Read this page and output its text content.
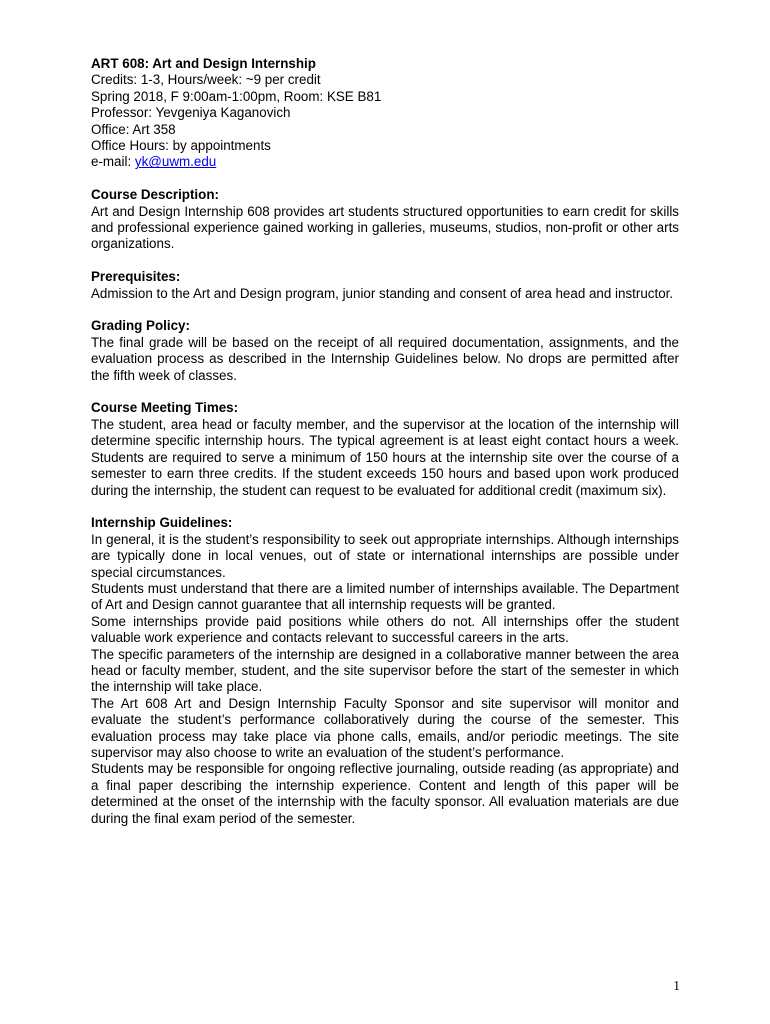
ART 608: Art and Design Internship
Credits: 1-3, Hours/week: ~9 per credit
Spring 2018, F 9:00am-1:00pm, Room: KSE B81
Professor: Yevgeniya Kaganovich
Office: Art 358
Office Hours: by appointments
e-mail: yk@uwm.edu
Course Description:

Art and Design Internship 608 provides art students structured opportunities to earn credit for skills and professional experience gained working in galleries, museums, studios, non-profit or other arts organizations.

Prerequisites:

Admission to the Art and Design program, junior standing and consent of area head and instructor.

Grading Policy:

The final grade will be based on the receipt of all required documentation, assignments, and the evaluation process as described in the Internship Guidelines below. No drops are permitted after the fifth week of classes.

Course Meeting Times:

The student, area head or faculty member, and the supervisor at the location of the internship will determine specific internship hours. The typical agreement is at least eight contact hours a week. Students are required to serve a minimum of 150 hours at the internship site over the course of a semester to earn three credits. If the student exceeds 150 hours and based upon work produced during the internship, the student can request to be evaluated for additional credit (maximum six).

Internship Guidelines:

In general, it is the student’s responsibility to seek out appropriate internships. Although internships are typically done in local venues, out of state or international internships are possible under special circumstances.

Students must understand that there are a limited number of internships available. The Department of Art and Design cannot guarantee that all internship requests will be granted.

Some internships provide paid positions while others do not. All internships offer the student valuable work experience and contacts relevant to successful careers in the arts.

The specific parameters of the internship are designed in a collaborative manner between the area head or faculty member, student, and the site supervisor before the start of the semester in which the internship will take place.

The Art 608 Art and Design Internship Faculty Sponsor and site supervisor will monitor and evaluate the student’s performance collaboratively during the course of the semester. This evaluation process may take place via phone calls, emails, and/or periodic meetings. The site supervisor may also choose to write an evaluation of the student’s performance.

Students may be responsible for ongoing reflective journaling, outside reading (as appropriate) and a final paper describing the internship experience. Content and length of this paper will be determined at the onset of the internship with the faculty sponsor. All evaluation materials are due during the final exam period of the semester.

1
